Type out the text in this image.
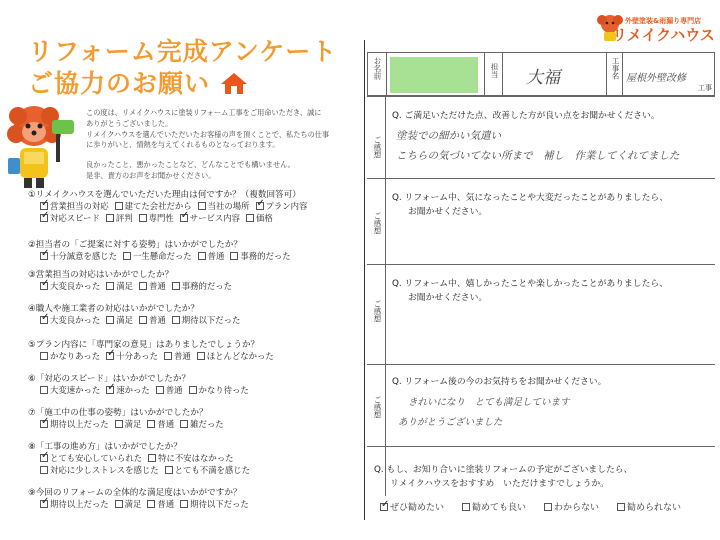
リフォーム完成アンケート
ご協力のお願い

この度は、リメイクハウスに塗装リフォーム工事をご用命いただき、誠に

ありがとうございました。

リメイクハウスを選んでいただいたお客様の声を頂くことで、私たちの仕事

に歩りがいと、情熱を与えてくれるものとなっております。

良かったこと、悪かったことなど、どんなことでも構いません。

是非、貴方のお声をお聞かせください。

①リメイクハウスを選んでいただいた理由は何ですか？（複数回答可）
✓営業担当の対応 建てた会社だから 当社の場所 ✓ プラン内容
✓対応スピード 評判 専門性 ✓ サービス内容 価格
②担当者の「ご提案に対する姿勢」はいかがでしたか？
✓十分誠意を感じた 一生懸命だった 普通 事務的だった
③営業担当の対応はいかがでしたか？
✓大変良かった 満足 普通 事務的だった
④職人や施工業者の対応はいかがでしたか？
✓大変良かった 満足 普通 期待以下だった
⑤プラン内容に「専門家の意見」はありましたでしょうか？
かなりあった ✓ 十分あった 普通 ほとんどなかった
⑥「対応のスピード」はいかがでしたか？
大変速かった ✓ 速かった 普通 かなり待った
⑦「施工中の仕事の姿勢」はいかがでしたか？
✓期待以上だった 満足 普通 雑だった
⑧「工事の進め方」はいかがでしたか？
✓とても安心していられた 特に不安はなかった
対応に少しストレスを感じた とても不満を感じた
⑨今回のリフォームの全体的な満足度はいかがですか？
✓期待以上だった 満足 普通 期待以下だった
外壁塗装&雨漏り専門店
リメイクハウス
お名前	担当 大福	工事名 屋根外壁改修
工事
ご感想
Q. ご満足いただけた点、改善した方が良い点をお聞かせください。
塗装での細かい気遣い
こちらの気づいてない所まで　補し　作業してくれてました
ご感想
Q. リフォーム中、気になったことや大変だったことがありましたら、
お聞かせください。
ご感想
Q. リフォーム中、嬉しかったことや楽しかったことがありましたら、
お聞かせください。
ご感想
Q. リフォーム後の今のお気持ちをお聞かせください。
きれいになり　とても満足しています
ありがとうございました
Q. もし、お知り合いに塗装リフォームの予定がございましたら、
リメイクハウスをおすすめ　いただけますでしょうか。
✓ぜひ勧めたい	勧めても良い	わからない	勧められない
